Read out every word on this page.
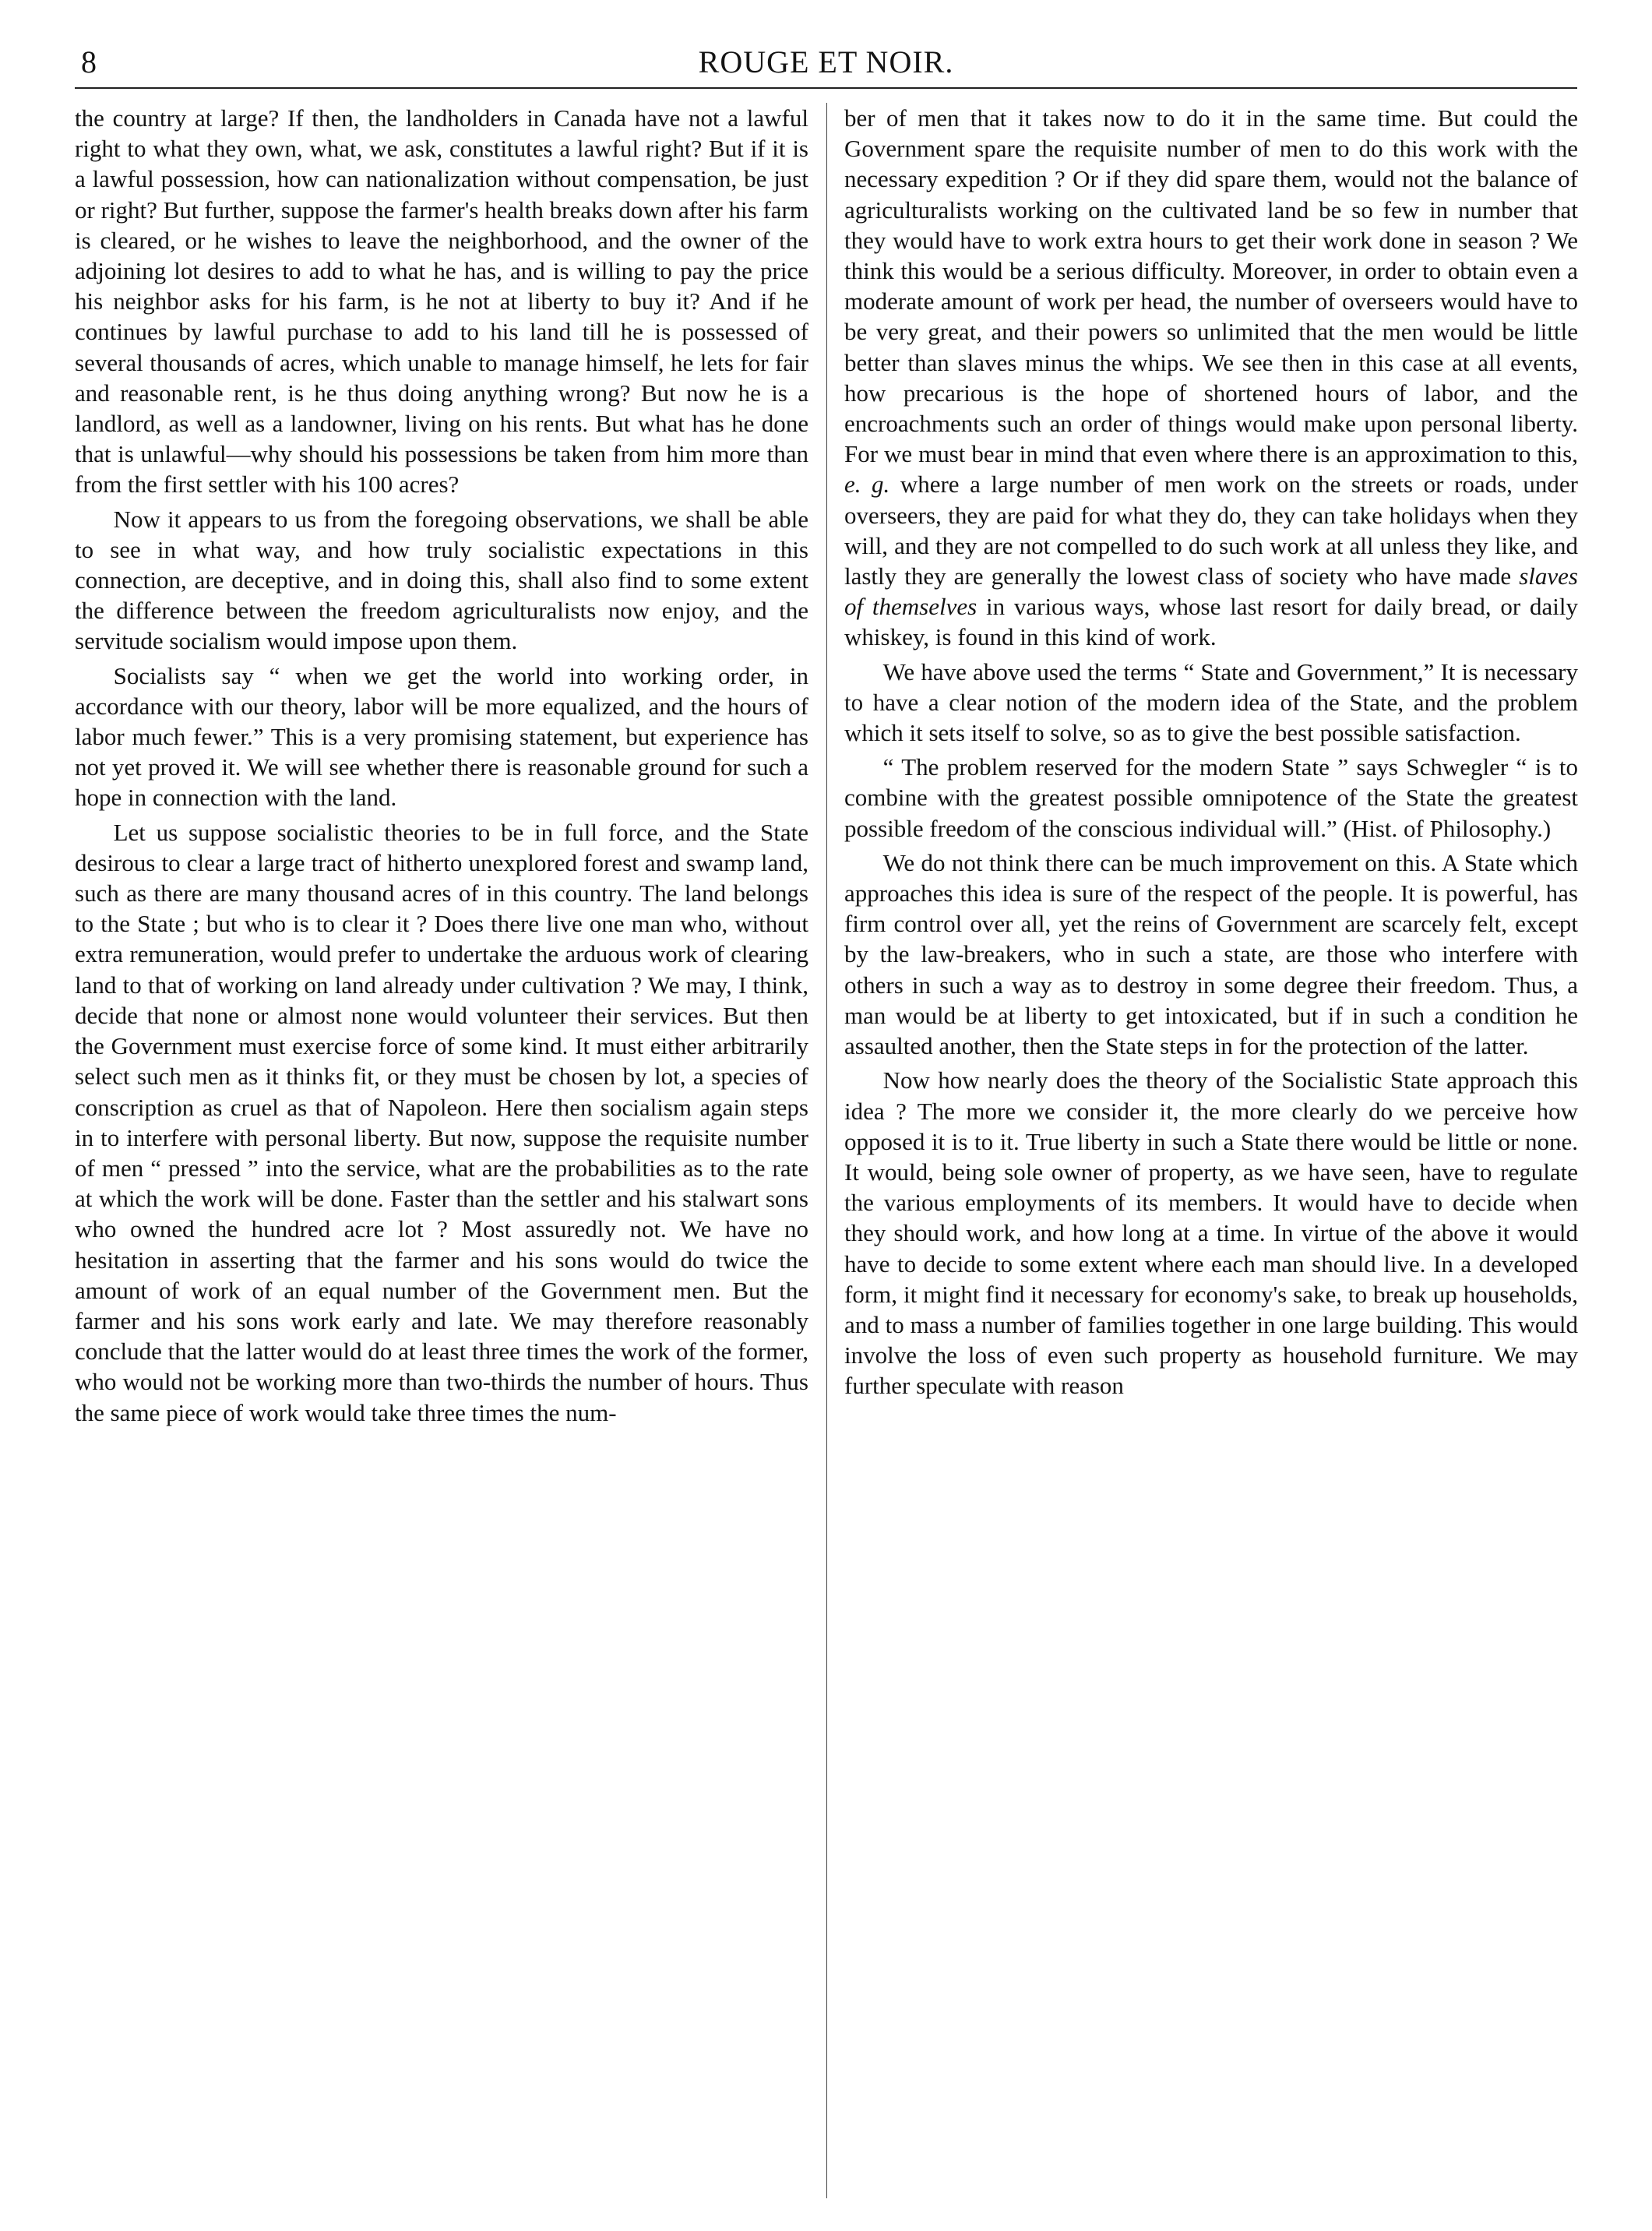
8	ROUGE ET NOIR.

the country at large? If then, the landholders in Canada have not a lawful right to what they own, what, we ask, constitutes a lawful right? But if it is a lawful possession, how can nationalization without compensation, be just or right? But further, suppose the farmer's health breaks down after his farm is cleared, or he wishes to leave the neighborhood, and the owner of the adjoining lot desires to add to what he has, and is willing to pay the price his neighbor asks for his farm, is he not at liberty to buy it? And if he continues by lawful purchase to add to his land till he is possessed of several thousands of acres, which unable to manage himself, he lets for fair and reasonable rent, is he thus doing anything wrong? But now he is a landlord, as well as a landowner, living on his rents. But what has he done that is unlawful—why should his possessions be taken from him more than from the first settler with his 100 acres?

Now it appears to us from the foregoing observations, we shall be able to see in what way, and how truly socialistic expectations in this connection, are deceptive, and in doing this, shall also find to some extent the difference between the freedom agriculturalists now enjoy, and the servitude socialism would impose upon them.

Socialists say “ when we get the world into working order, in accordance with our theory, labor will be more equalized, and the hours of labor much fewer.” This is a very promising statement, but experience has not yet proved it. We will see whether there is reasonable ground for such a hope in connection with the land.

Let us suppose socialistic theories to be in full force, and the State desirous to clear a large tract of hitherto unexplored forest and swamp land, such as there are many thousand acres of in this country. The land belongs to the State ; but who is to clear it ? Does there live one man who, without extra remuneration, would prefer to undertake the arduous work of clearing land to that of working on land already under cultivation ? We may, I think, decide that none or almost none would volunteer their services. But then the Government must exercise force of some kind. It must either arbitrarily select such men as it thinks fit, or they must be chosen by lot, a species of conscription as cruel as that of Napoleon. Here then socialism again steps in to interfere with personal liberty. But now, suppose the requisite number of men “ pressed ” into the service, what are the probabilities as to the rate at which the work will be done. Faster than the settler and his stalwart sons who owned the hundred acre lot ? Most assuredly not. We have no hesitation in asserting that the farmer and his sons would do twice the amount of work of an equal number of the Government men. But the farmer and his sons work early and late. We may therefore reasonably conclude that the latter would do at least three times the work of the former, who would not be working more than two-thirds the number of hours. Thus the same piece of work would take three times the num-

ber of men that it takes now to do it in the same time. But could the Government spare the requisite number of men to do this work with the necessary expedition ? Or if they did spare them, would not the balance of agriculturalists working on the cultivated land be so few in number that they would have to work extra hours to get their work done in season ? We think this would be a serious difficulty. Moreover, in order to obtain even a moderate amount of work per head, the number of overseers would have to be very great, and their powers so unlimited that the men would be little better than slaves minus the whips. We see then in this case at all events, how precarious is the hope of shortened hours of labor, and the encroachments such an order of things would make upon personal liberty. For we must bear in mind that even where there is an approximation to this, e. g. where a large number of men work on the streets or roads, under overseers, they are paid for what they do, they can take holidays when they will, and they are not compelled to do such work at all unless they like, and lastly they are generally the lowest class of society who have made slaves of themselves in various ways, whose last resort for daily bread, or daily whiskey, is found in this kind of work.

We have above used the terms “ State and Government,” It is necessary to have a clear notion of the modern idea of the State, and the problem which it sets itself to solve, so as to give the best possible satisfaction.

“ The problem reserved for the modern State ” says Schwegler “ is to combine with the greatest possible omnipotence of the State the greatest possible freedom of the conscious individual will.” (Hist. of Philosophy.)

We do not think there can be much improvement on this. A State which approaches this idea is sure of the respect of the people. It is powerful, has firm control over all, yet the reins of Government are scarcely felt, except by the law-breakers, who in such a state, are those who interfere with others in such a way as to destroy in some degree their freedom. Thus, a man would be at liberty to get intoxicated, but if in such a condition he assaulted another, then the State steps in for the protection of the latter.

Now how nearly does the theory of the Socialistic State approach this idea ? The more we consider it, the more clearly do we perceive how opposed it is to it. True liberty in such a State there would be little or none. It would, being sole owner of property, as we have seen, have to regulate the various employments of its members. It would have to decide when they should work, and how long at a time. In virtue of the above it would have to decide to some extent where each man should live. In a developed form, it might find it necessary for economy's sake, to break up households, and to mass a number of families together in one large building. This would involve the loss of even such property as household furniture. We may further speculate with reason
